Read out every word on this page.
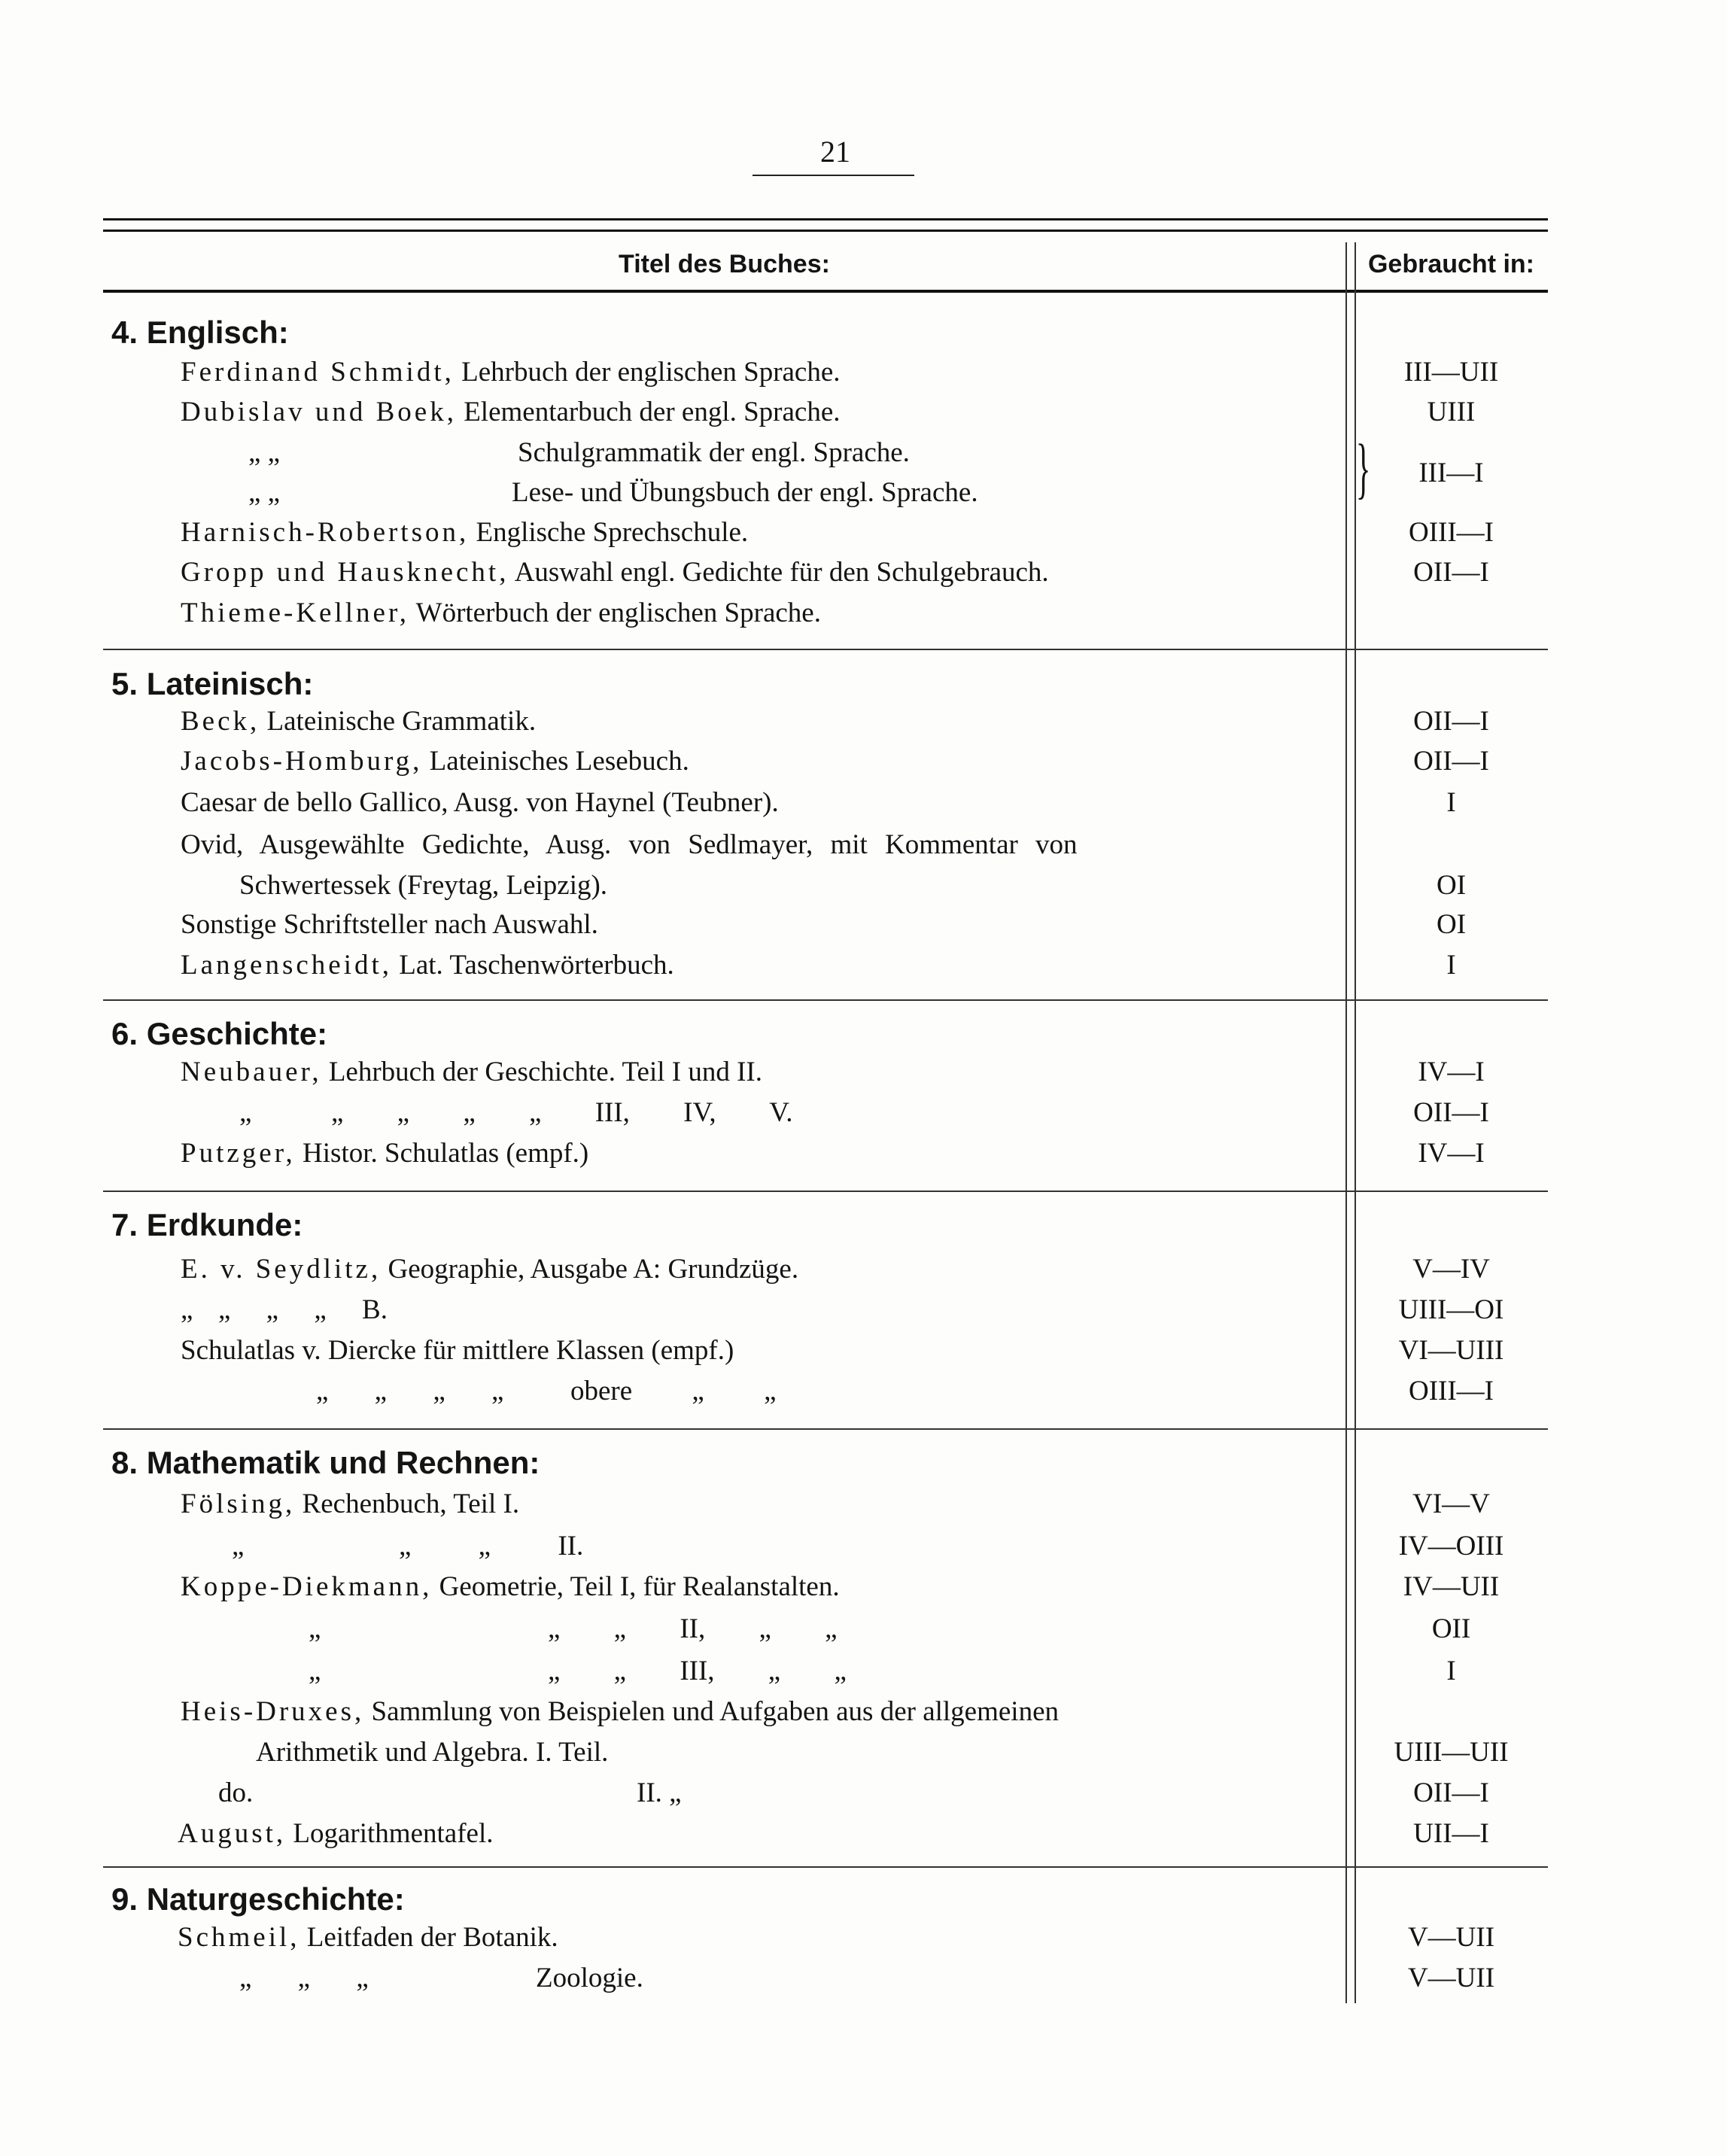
21
Titel des Buches:	Gebraucht in:
4. Englisch:
Ferdinand Schmidt, Lehrbuch der englischen Sprache.	III—UII
Dubislav und Boek, Elementarbuch der engl. Sprache.	UIII
„ „	Schulgrammatik der engl. Sprache.
„ „	Lese- und Übungsbuch der engl. Sprache.	}	III—I
Harnisch-Robertson, Englische Sprechschule.	OIII—I
Gropp und Hausknecht, Auswahl engl. Gedichte für den Schulgebrauch.	OII—I
Thieme-Kellner, Wörterbuch der englischen Sprache.
5. Lateinisch:
Beck, Lateinische Grammatik.	OII—I
Jacobs-Homburg, Lateinisches Lesebuch.	OII—I
Caesar de bello Gallico, Ausg. von Haynel (Teubner).	I
Ovid, Ausgewählte Gedichte, Ausg. von Sedlmayer, mit Kommentar von
Schwertessek (Freytag, Leipzig).	OI
Sonstige Schriftsteller nach Auswahl.	OI
Langenscheidt, Lat. Taschenwörterbuch.	I
6. Geschichte:
Neubauer, Lehrbuch der Geschichte. Teil I und II.	IV—I
„	„ „ „ „ III, IV, V.	OII—I
Putzger, Histor. Schulatlas (empf.)	IV—I
7. Erdkunde:
E. v. Seydlitz, Geographie, Ausgabe A: Grundzüge.	V—IV
„ „ „ „ B.	UIII—OI
Schulatlas v. Diercke für mittlere Klassen (empf.)	VI—UIII
„ „ „ „ obere „ „	OIII—I
8. Mathematik und Rechnen:
Fölsing, Rechenbuch, Teil I.	VI—V
„	„ „ II.	IV—OIII
Koppe-Diekmann, Geometrie, Teil I, für Realanstalten.	IV—UII
„	„ „ II, „ „	OII
„	„ „ III, „ „	I
Heis-Druxes, Sammlung von Beispielen und Aufgaben aus der allgemeinen
Arithmetik und Algebra. I. Teil.	UIII—UII
do.	II. „	OII—I
August, Logarithmentafel.	UII—I
9. Naturgeschichte:
Schmeil, Leitfaden der Botanik.	V—UII
„ „ „	Zoologie.	V—UII
